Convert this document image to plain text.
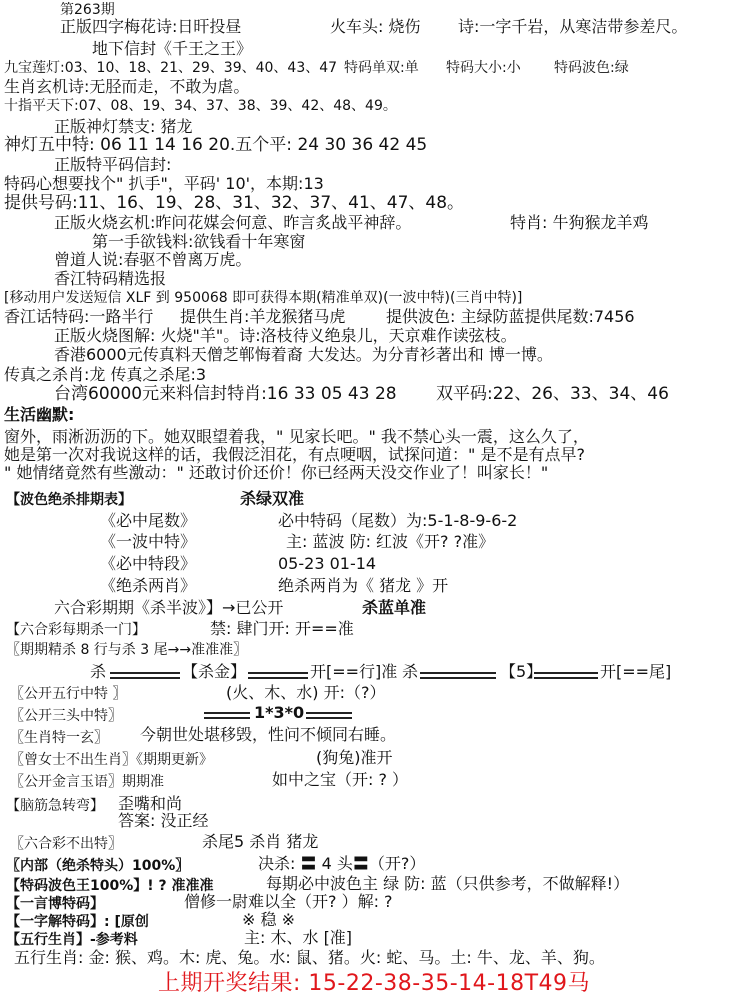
第263期
正版四字梅花诗:日旰投昼	火车头: 烧伤 诗:一字千岩，从寒洁带参差尺。
地下信封《千王之王》
九宝莲灯:03、10、18、21、29、39、40、43、47 特码单双:单 特码大小:小 特码波色:绿
生肖玄机诗:无胫而走，不敢为虐。
十指平天下:07、08、19、34、37、38、39、42、48、49。
正版神灯禁支: 猪龙
神灯五中特: 06 11 14 16 20.五个平: 24 30 36 42 45
正版特平码信封:
特码心想要找个" 扒手"，平码' 10'，本期:13
提供号码:11、16、19、28、31、32、37、41、47、48。
正版火烧玄机:昨问花媒会何意、昨言炙战平神辞。	特肖: 牛狗猴龙羊鸡
第一手欲钱料:欲钱看十年寒窗
曾道人说:春驱不曾离万虎。
香江特码精选报
[移动用户发送短信 XLF 到 950068 即可获得本期(精准单双)(一波中特)(三肖中特)]
香江话特码:一路半行 提供生肖:羊龙猴猪马虎	提供波色: 主绿防蓝提供尾数:7456
正版火烧图解: 火烧"羊"。诗:洛枝待义绝泉儿，天京难作读弦枝。
香港6000元传真料天僧芝郸悔着裔 大发达。为分青衫著出和 博一博。
传真之杀肖:龙 传真之杀尾:3
台湾60000元来料信封特肖:16 33 05 43 28 双平码:22、26、33、34、46
生活幽默:
窗外，雨淅沥沥的下。她双眼望着我，" 见家长吧。" 我不禁心头一震，这么久了，
她是第一次对我说这样的话，我假泛泪花，有点哽咽，试探问道：" 是不是有点早?
" 她情绪竟然有些激动：" 还敢讨价还价！你已经两天没交作业了！叫家长！"
【波色绝杀排期表】	杀绿双准
《必中尾数》	必中特码（尾数）为:5-1-8-9-6-2
《一波中特》	主: 蓝波 防: 红波《开? ?准》
《必中特段》	05-23 01-14
《绝杀两肖》	绝杀两肖为《 猪龙 》开
六合彩期期《杀半波》】→已公开	杀蓝单准
【六合彩每期杀一门】	禁: 肆门开: 开==准
〖期期精杀 8 行与杀 3 尾→→准准准〗
杀	【杀金】	开[==行]准 杀	【5】	开[==尾]
〖公开五行中特 〗	(火、木、水) 开:（?）
〖公开三头中特〗	1*3*0
〖生肖特一玄〗 今朝世处堪移毁，性问不倾同右睡。
〖曾女士不出生肖〗《期期更新》	(狗兔)准开
〖公开金言玉语〗期期准	如中之宝（开: ? ）
【脑筋急转弯】 歪嘴和尚
答案: 没正经
〖六合彩不出特〗	杀尾5 杀肖 猪龙
〖内部（绝杀特头）100%〗	决杀: 〓 4 头〓（开?）
【特码波色王100%】! ? 准准准	每期必中波色主 绿 防: 蓝（只供参考，不做解释!）
【一言博特码】	僧修一尉难以全（开? ）解: ?
【一字解特码】: [原创	※ 稳 ※
【五行生肖】-参考料	主: 木、水 [准]
五行生肖: 金: 猴、鸡。木: 虎、兔。水: 鼠、猪。火: 蛇、马。土: 牛、龙、羊、狗。
上期开奖结果: 15-22-38-35-14-18T49马
